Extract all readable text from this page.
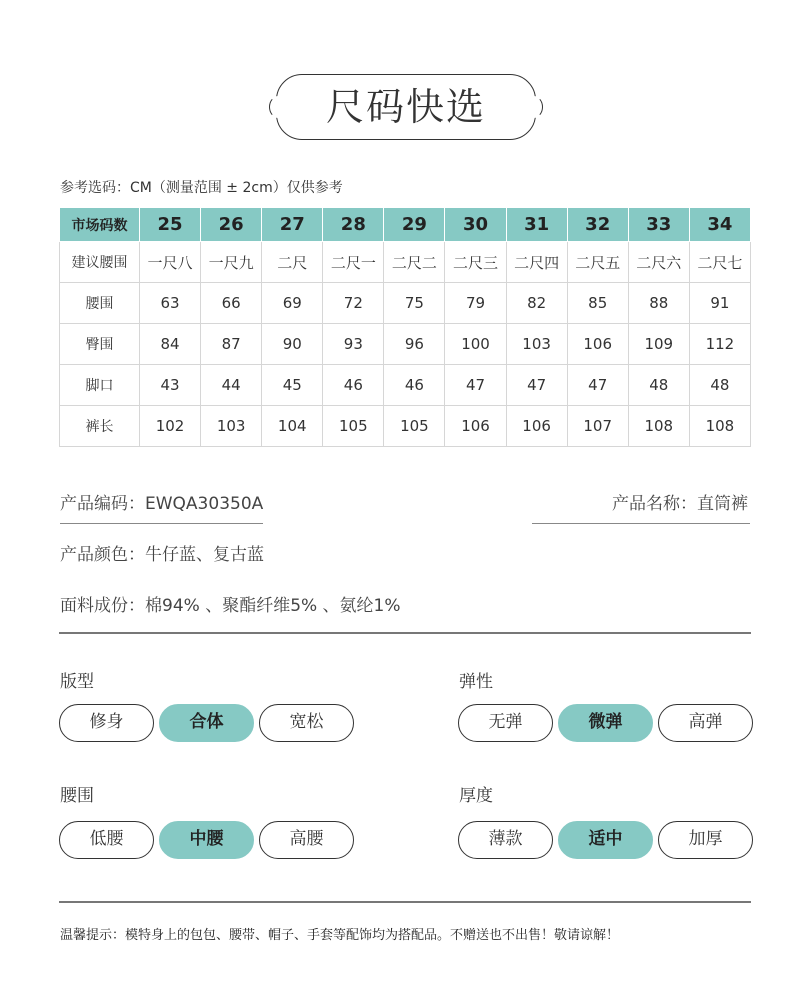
尺码快选
参考选码：CM（测量范围 ± 2cm）仅供参考
市场码数	25	26	27	28	29	30	31	32	33	34
建议腰围	一尺八	一尺九	二尺	二尺一	二尺二	二尺三	二尺四	二尺五	二尺六	二尺七
腰围	63	66	69	72	75	79	82	85	88	91
臀围	84	87	90	93	96	100	103	106	109	112
脚口	43	44	45	46	46	47	47	47	48	48
裤长	102	103	104	105	105	106	106	107	108	108
产品编码：EWQA30350A	产品名称：直筒裤
产品颜色：牛仔蓝、复古蓝
面料成份：棉94% 、聚酯纤维5% 、氨纶1%
版型
修身	合体	宽松
弹性
无弹	微弹	高弹
腰围
低腰	中腰	高腰
厚度
薄款	适中	加厚
温馨提示：模特身上的包包、腰带、帽子、手套等配饰均为搭配品。不赠送也不出售！敬请谅解！
